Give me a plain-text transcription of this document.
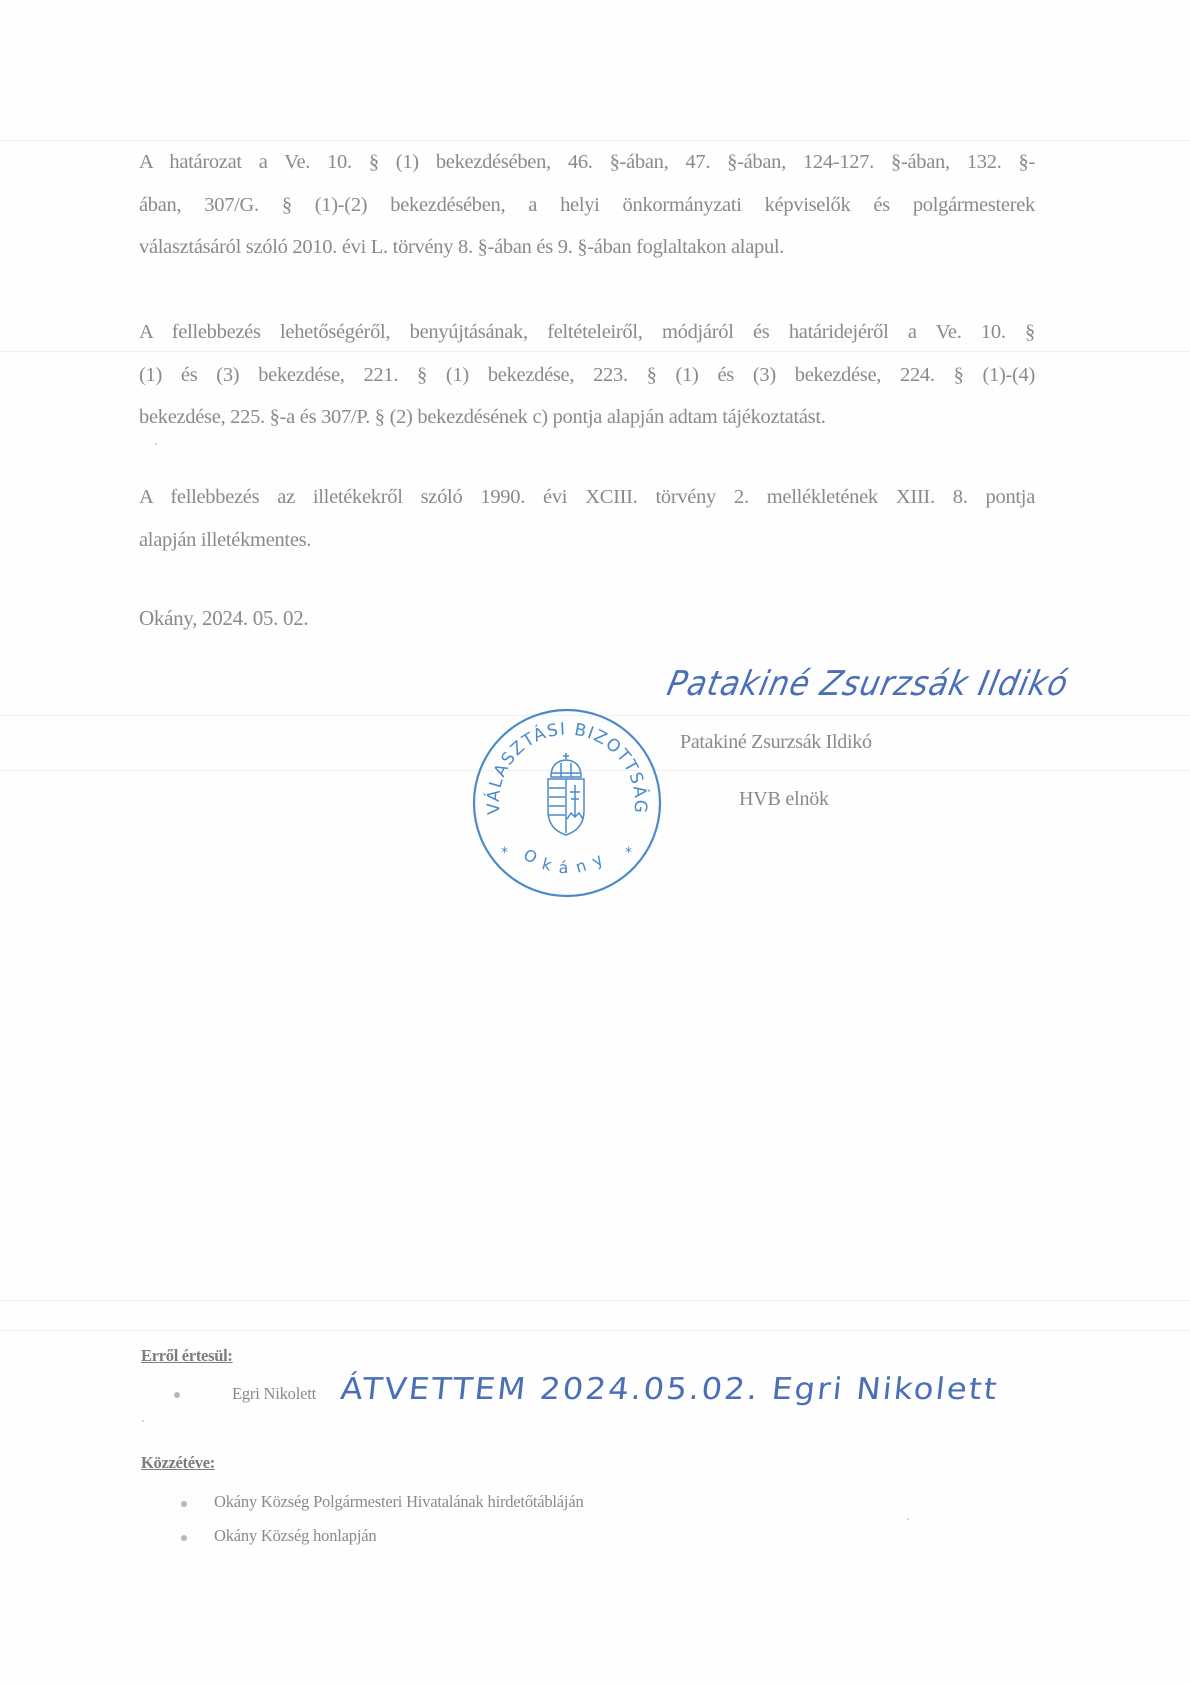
A határozat a Ve. 10. § (1) bekezdésében, 46. §-ában, 47. §-ában, 124-127. §-ában, 132. §-
ában, 307/G. § (1)-(2) bekezdésében, a helyi önkormányzati képviselők és polgármesterek
választásáról szóló 2010. évi L. törvény 8. §-ában és 9. §-ában foglaltakon alapul.
A fellebbezés lehetőségéről, benyújtásának, feltételeiről, módjáról és határidejéről a Ve. 10. §
(1) és (3) bekezdése, 221. § (1) bekezdése, 223. § (1) és (3) bekezdése, 224. § (1)-(4)
bekezdése, 225. §-a és 307/P. § (2) bekezdésének c) pontja alapján adtam tájékoztatást.
A fellebbezés az illetékekről szóló 1990. évi XCIII. törvény 2. mellékletének XIII. 8. pontja
alapján illetékmentes.
Okány, 2024. 05. 02.
Patakiné Zsurzsák Ildikó
VÁLASZTÁSI BIZOTTSÁG
*	*
Okány
Patakiné Zsurzsák Ildikó
HVB elnök
Erről értesül:
Egri Nikolett ÁTVETTEM 2024.05.02. Egri Nikolett
Közzétéve:
Okány Község Polgármesteri Hivatalának hirdetőtábláján
Okány Község honlapján
